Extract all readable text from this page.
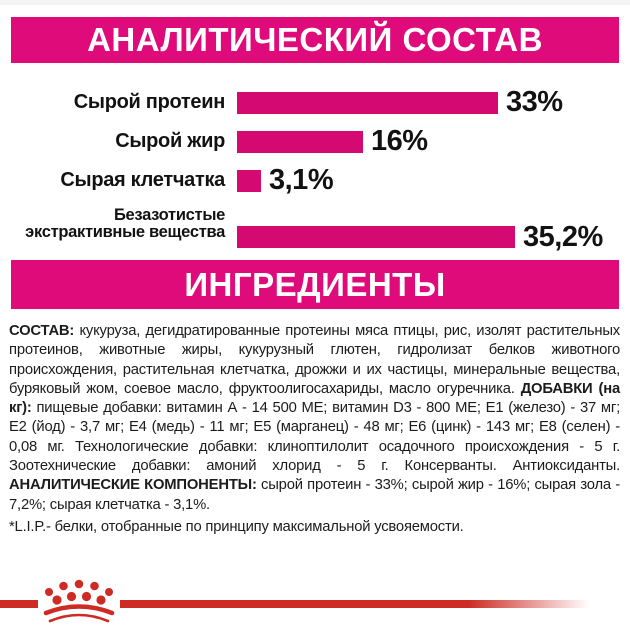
АНАЛИТИЧЕСКИЙ СОСТАВ
Сырой протеин	33%
Сырой жир	16%
Сырая клетчатка 3,1%
Безазотистые
экстрактивные вещества	35,2%
ИНГРЕДИЕНТЫ

СОСТАВ: кукуруза, дегидратированные протеины мяса птицы, рис, изолят растительных протеинов, животные жиры, кукурузный глютен, гидролизат белков животного происхождения, растительная клетчатка, дрожжи и их частицы, минеральные вещества, буряковый жом, соевое масло, фруктоолигосахариды, масло огуречника. ДОБАВКИ (на кг): пищевые добавки: витамин А - 14 500 МЕ; витамин D3 - 800 МЕ; Е1 (железо) - 37 мг; Е2 (йод) - 3,7 мг; Е4 (медь) - 11 мг; Е5 (марганец) - 48 мг; Е6 (цинк) - 143 мг; Е8 (селен) - 0,08 мг. Технологические добавки: клиноптилолит осадочного происхождения - 5 г. Зоотехнические добавки: амоний хлорид - 5 г. Консерванты. Антиоксиданты. АНАЛИТИЧЕСКИЕ КОМПОНЕНТЫ: сырой протеин - 33%; сырой жир - 16%; сырая зола - 7,2%; сырая клетчатка - 3,1%.

*L.I.P.- белки, отобранные по принципу максимальной усвояемости.
